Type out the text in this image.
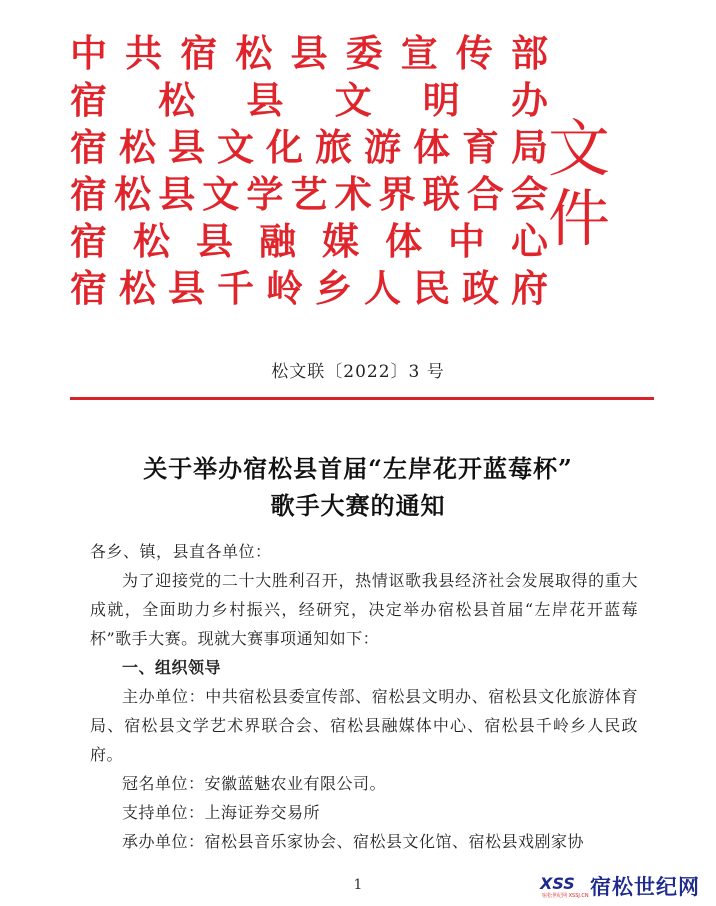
中 共 宿 松 县 委 宣 传 部
宿 松 县 文 明 办
宿 松 县 文 化 旅 游 体 育 局
宿 松 县 文 学 艺 术 界 联 合 会
宿 松 县 融 媒 体 中 心
宿 松 县 千 岭 乡 人 民 政 府
文件
松文联〔2022〕3 号
关于举办宿松县首届“左岸花开蓝莓杯”
歌手大赛的通知
各乡、镇，县直各单位：
为了迎接党的二十大胜利召开，热情讴歌我县经济社会发展取得的重大成就，全面助力乡村振兴，经研究，决定举办宿松县首届“左岸花开蓝莓杯”歌手大赛。现就大赛事项通知如下：
一、组织领导
主办单位：中共宿松县委宣传部、宿松县文明办、宿松县文化旅游体育局、宿松县文学艺术界联合会、宿松县融媒体中心、宿松县千岭乡人民政府。
冠名单位：安徽蓝魅农业有限公司。
支持单位：上海证券交易所
承办单位：宿松县音乐家协会、宿松县文化馆、宿松县戏剧家协
1	XSS
宿松世纪网 XSSJ.CN 宿松世纪网
